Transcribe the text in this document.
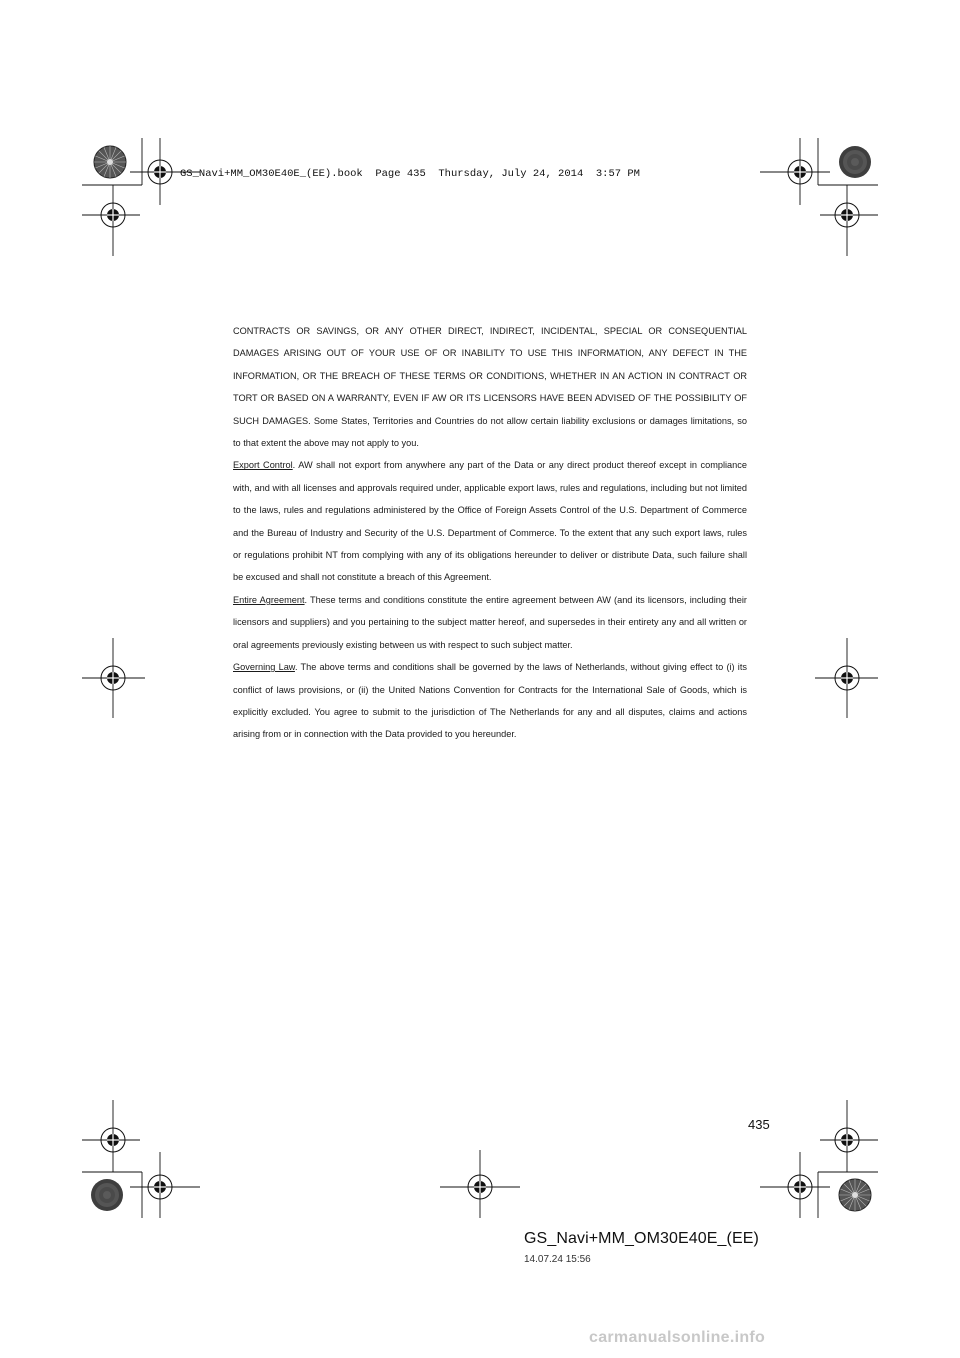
GS_Navi+MM_OM30E40E_(EE).book  Page 435  Thursday, July 24, 2014  3:57 PM

CONTRACTS OR SAVINGS, OR ANY OTHER DIRECT, INDIRECT, INCIDENTAL, SPECIAL OR CONSEQUENTIAL DAMAGES ARISING OUT OF YOUR USE OF OR INABILITY TO USE THIS INFORMATION, ANY DEFECT IN THE INFORMATION, OR THE BREACH OF THESE TERMS OR CONDITIONS, WHETHER IN AN ACTION IN CONTRACT OR TORT OR BASED ON A WARRANTY, EVEN IF AW OR ITS LICENSORS HAVE BEEN ADVISED OF THE POSSIBILITY OF SUCH DAMAGES. Some States, Territories and Countries do not allow certain liability exclusions or damages limitations, so to that extent the above may not apply to you.

Export Control. AW shall not export from anywhere any part of the Data or any direct product thereof except in compliance with, and with all licenses and approvals required under, applicable export laws, rules and regulations, including but not limited to the laws, rules and regulations administered by the Office of Foreign Assets Control of the U.S. Department of Commerce and the Bureau of Industry and Security of the U.S. Department of Commerce. To the extent that any such export laws, rules or regulations prohibit NT from complying with any of its obligations hereunder to deliver or distribute Data, such failure shall be excused and shall not constitute a breach of this Agreement.

Entire Agreement. These terms and conditions constitute the entire agreement between AW (and its licensors, including their licensors and suppliers) and you pertaining to the subject matter hereof, and supersedes in their entirety any and all written or oral agreements previously existing between us with respect to such subject matter.

Governing Law. The above terms and conditions shall be governed by the laws of Netherlands, without giving effect to (i) its conflict of laws provisions, or (ii) the United Nations Convention for Contracts for the International Sale of Goods, which is explicitly excluded. You agree to submit to the jurisdiction of The Netherlands for any and all disputes, claims and actions arising from or in connection with the Data provided to you hereunder.

435
GS_Navi+MM_OM30E40E_(EE)
14.07.24 15:56
carmanualsonline.info
